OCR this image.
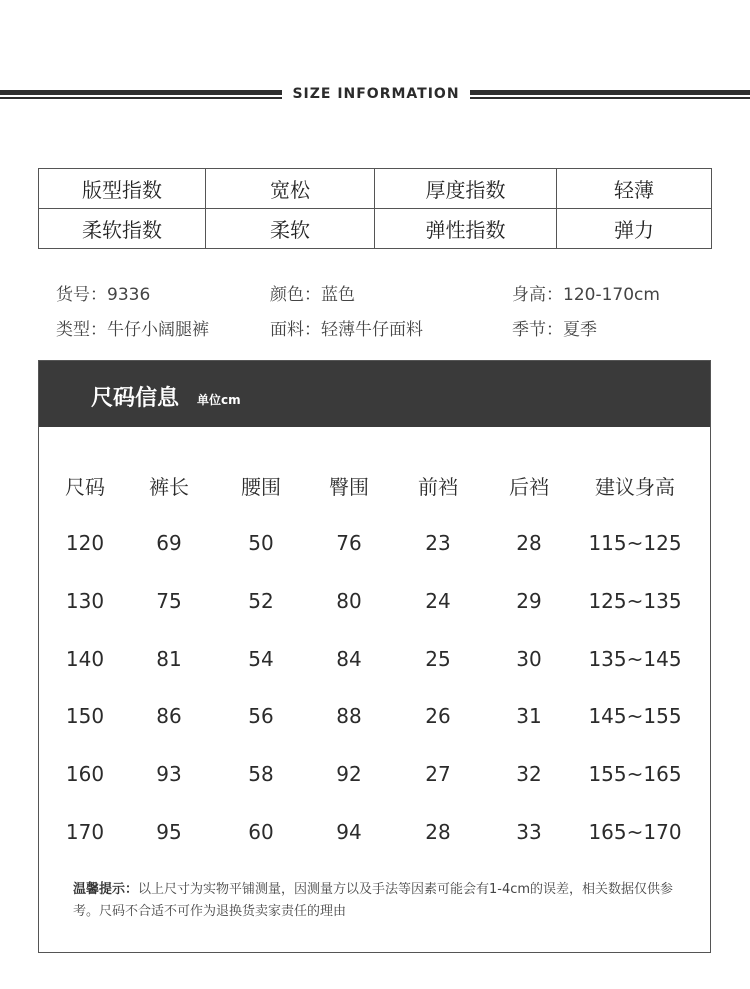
SIZE INFORMATION
版型指数	宽松	厚度指数	轻薄
柔软指数	柔软	弹性指数	弹力
货号：9336	颜色：蓝色	身高：120-170cm
类型：牛仔小阔腿裤	面料：轻薄牛仔面料	季节：夏季
尺码信息 单位cm
尺码	裤长	腰围	臀围	前裆	后裆	建议身高
120	69	50	76	23	28	115~125
130	75	52	80	24	29	125~135
140	81	54	84	25	30	135~145
150	86	56	88	26	31	145~155
160	93	58	92	27	32	155~165
170	95	60	94	28	33	165~170
温馨提示：以上尺寸为实物平铺测量，因测量方以及手法等因素可能会有1-4cm的误差，相关数据仅供参考。尺码不合适不可作为退换货卖家责任的理由
